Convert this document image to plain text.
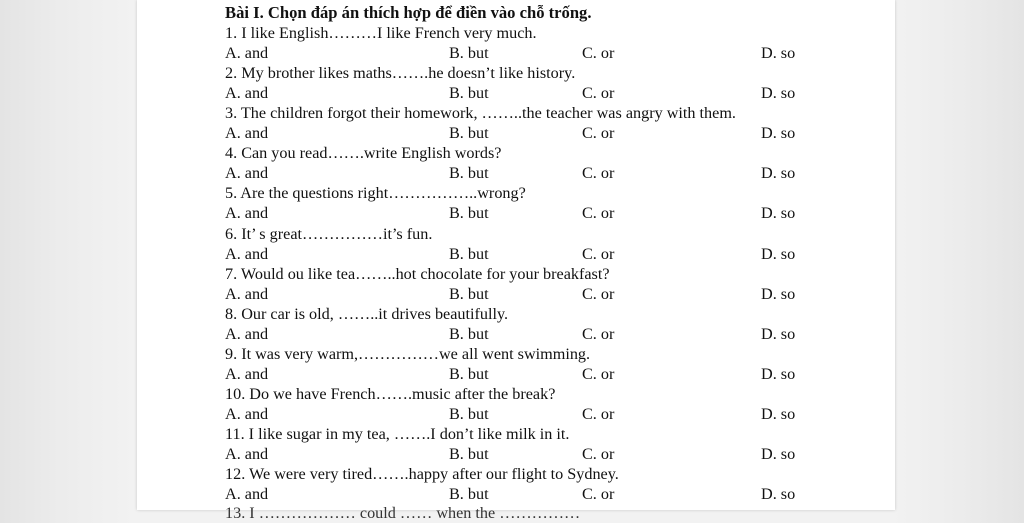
Bài I. Chọn đáp án thích hợp để điền vào chỗ trống.
1. I like English………I like French very much.
A. and	B. but	C. or	D. so
2. My brother likes maths…….he doesn’t like history.
A. and	B. but	C. or	D. so
3. The children forgot their homework, ……..the teacher was angry with them.
A. and	B. but	C. or	D. so
4. Can you read…….write English words?
A. and	B. but	C. or	D. so
5. Are the questions right……………..wrong?
A. and	B. but	C. or	D. so
6. It’ s great……………it’s fun.
A. and	B. but	C. or	D. so
7. Would ou like tea……..hot chocolate for your breakfast?
A. and	B. but	C. or	D. so
8. Our car is old, ……..it drives beautifully.
A. and	B. but	C. or	D. so
9. It was very warm,……………we all went swimming.
A. and	B. but	C. or	D. so
10. Do we have French…….music after the break?
A. and	B. but	C. or	D. so
11. I like sugar in my tea, …….I don’t like milk in it.
A. and	B. but	C. or	D. so
12. We were very tired…….happy after our flight to Sydney.
A. and	B. but	C. or	D. so
13. I ……………… could …… when the ……………
